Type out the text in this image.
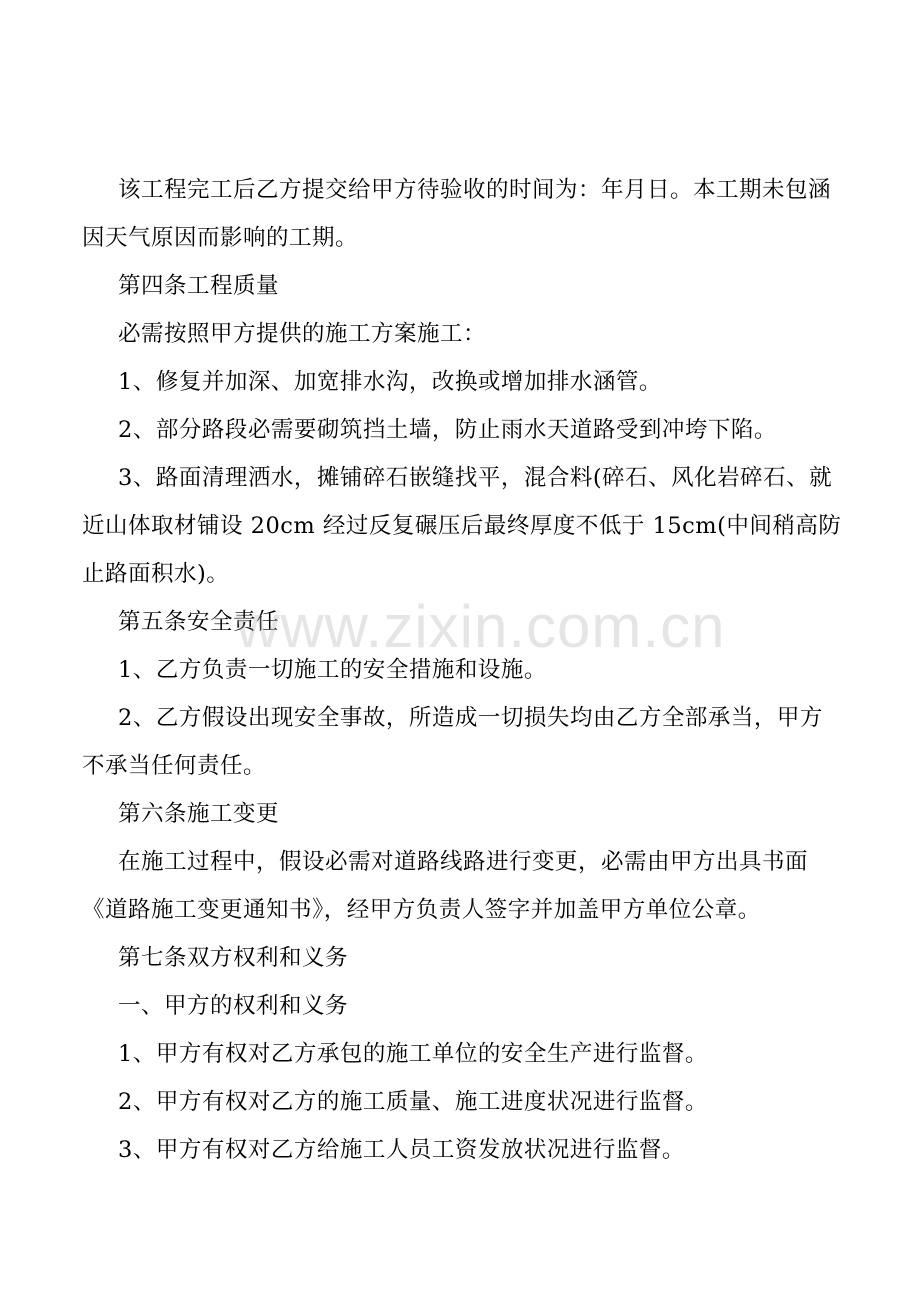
该工程完工后乙方提交给甲方待验收的时间为：年月日。本工期未包涵因天气原因而影响的工期。

第四条工程质量

必需按照甲方提供的施工方案施工：

1、修复并加深、加宽排水沟，改换或增加排水涵管。

2、部分路段必需要砌筑挡土墙，防止雨水天道路受到冲垮下陷。

3、路面清理洒水，摊铺碎石嵌缝找平，混合料(碎石、风化岩碎石、就近山体取材铺设 20cm 经过反复碾压后最终厚度不低于 15cm(中间稍高防止路面积水)。

第五条安全责任

1、乙方负责一切施工的安全措施和设施。

2、乙方假设出现安全事故，所造成一切损失均由乙方全部承当，甲方不承当任何责任。

第六条施工变更

在施工过程中，假设必需对道路线路进行变更，必需由甲方出具书面《道路施工变更通知书》，经甲方负责人签字并加盖甲方单位公章。

第七条双方权利和义务

一、甲方的权利和义务

1、甲方有权对乙方承包的施工单位的安全生产进行监督。

2、甲方有权对乙方的施工质量、施工进度状况进行监督。

3、甲方有权对乙方给施工人员工资发放状况进行监督。

www.zixin.com.cn
